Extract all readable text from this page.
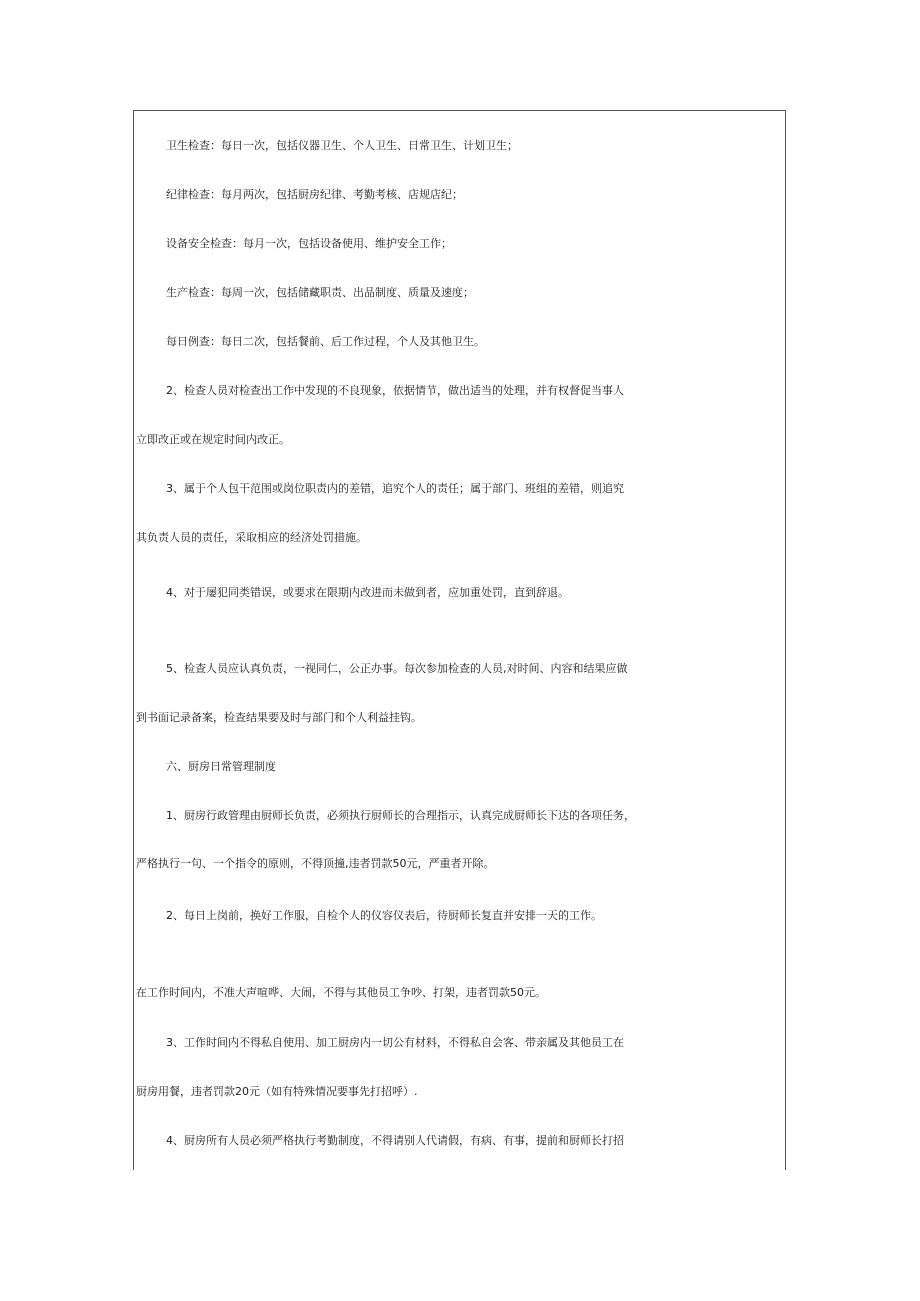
卫生检查：每日一次，包括仪器卫生、个人卫生、日常卫生、计划卫生；
纪律检查：每月两次，包括厨房纪律、考勤考核、店规店纪；
设备安全检查：每月一次，包括设备使用、维护安全工作；
生产检查：每周一次，包括储藏职责、出品制度、质量及速度；
每日例查：每日二次，包括餐前、后工作过程，个人及其他卫生。
2、检查人员对检查出工作中发现的不良现象，依据情节，做出适当的处理，并有权督促当事人
立即改正或在规定时间内改正。
3、属于个人包干范围或岗位职责内的差错，追究个人的责任；属于部门、班组的差错，则追究
其负责人员的责任，采取相应的经济处罚措施。
4、对于屡犯同类错误，或要求在限期内改进而未做到者，应加重处罚，直到辞退。
5、检查人员应认真负责，一视同仁，公正办事。每次参加检查的人员,对时间、内容和结果应做
到书面记录备案，检查结果要及时与部门和个人利益挂钩。
六、厨房日常管理制度
1、厨房行政管理由厨师长负责，必须执行厨师长的合理指示，认真完成厨师长下达的各项任务，
严格执行一句、一个指令的原则，不得顶撞,违者罚款50元，严重者开除。
2、每日上岗前，换好工作服，自检个人的仪容仪表后，待厨师长复直并安排一天的工作。
在工作时间内，不准大声喧哗、大闹，不得与其他员工争吵、打架，违者罚款50元。
3、工作时间内不得私自使用、加工厨房内一切公有材料，不得私自会客、带亲属及其他员工在
厨房用餐，违者罚款20元（如有特殊情况要事先打招呼）.
4、厨房所有人员必须严格执行考勤制度，不得请别人代请假，有病、有事，提前和厨师长打招
